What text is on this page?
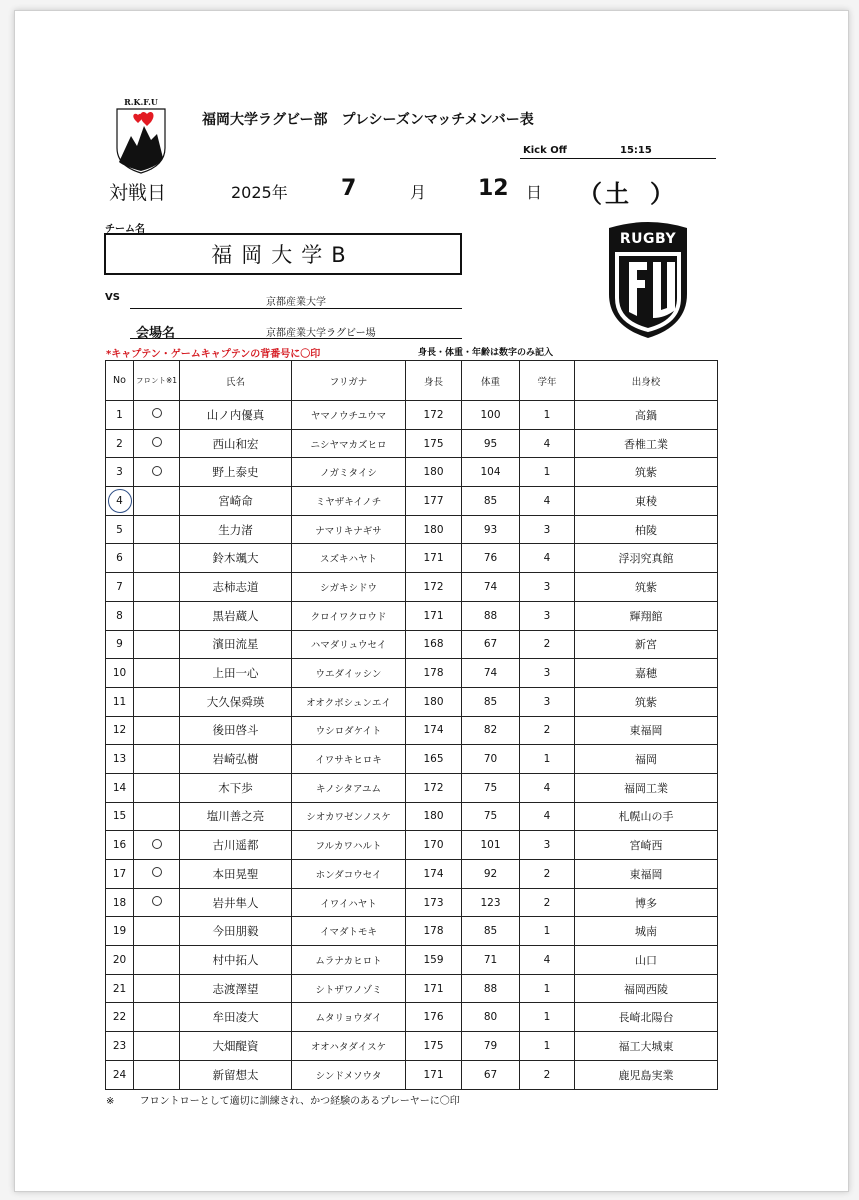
R.K.F.U
福岡大学ラグビー部　プレシーズンマッチメンバー表
Kick Off	15:15
対戦日	2025年 7	月 12 日 （ 土 ）
チーム名
福岡大学B
VS	京都産業大学
会場名	京都産業大学ラグビー場
RUGBY
*キャプテン・ゲームキャプテンの背番号に〇印	身長・体重・年齢は数字のみ記入
No	フロント※1	氏名	フリガナ	身長	体重	学年	出身校
1		山ノ内優真	ヤマノウチユウマ	172	100	1	高鍋
2		西山和宏	ニシヤマカズヒロ	175	95	4	香椎工業
3		野上泰史	ノガミタイシ	180	104	1	筑紫
4		宮崎命	ミヤザキイノチ	177	85	4	東稜
5		生力渚	ナマリキナギサ	180	93	3	柏陵
6		鈴木颯大	スズキハヤト	171	76	4	浮羽究真館
7		志柿志道	シガキシドウ	172	74	3	筑紫
8		黒岩蔵人	クロイワクロウド	171	88	3	輝翔館
9		濱田流星	ハマダリュウセイ	168	67	2	新宮
10		上田一心	ウエダイッシン	178	74	3	嘉穂
11		大久保舜瑛	オオクボシュンエイ	180	85	3	筑紫
12		後田啓斗	ウシロダケイト	174	82	2	東福岡
13		岩崎弘樹	イワサキヒロキ	165	70	1	福岡
14		木下歩	キノシタアユム	172	75	4	福岡工業
15		塩川善之亮	シオカワゼンノスケ	180	75	4	札幌山の手
16		古川遥都	フルカワハルト	170	101	3	宮崎西
17		本田晃聖	ホンダコウセイ	174	92	2	東福岡
18		岩井隼人	イワイハヤト	173	123	2	博多
19		今田朋毅	イマダトモキ	178	85	1	城南
20		村中拓人	ムラナカヒロト	159	71	4	山口
21		志渡澤望	シトザワノゾミ	171	88	1	福岡西陵
22		牟田凌大	ムタリョウダイ	176	80	1	長崎北陽台
23		大畑醍資	オオハタダイスケ	175	79	1	福工大城東
24		新留想太	シンドメソウタ	171	67	2	鹿児島実業
※	フロントローとして適切に訓練され、かつ経験のあるプレーヤーに〇印
